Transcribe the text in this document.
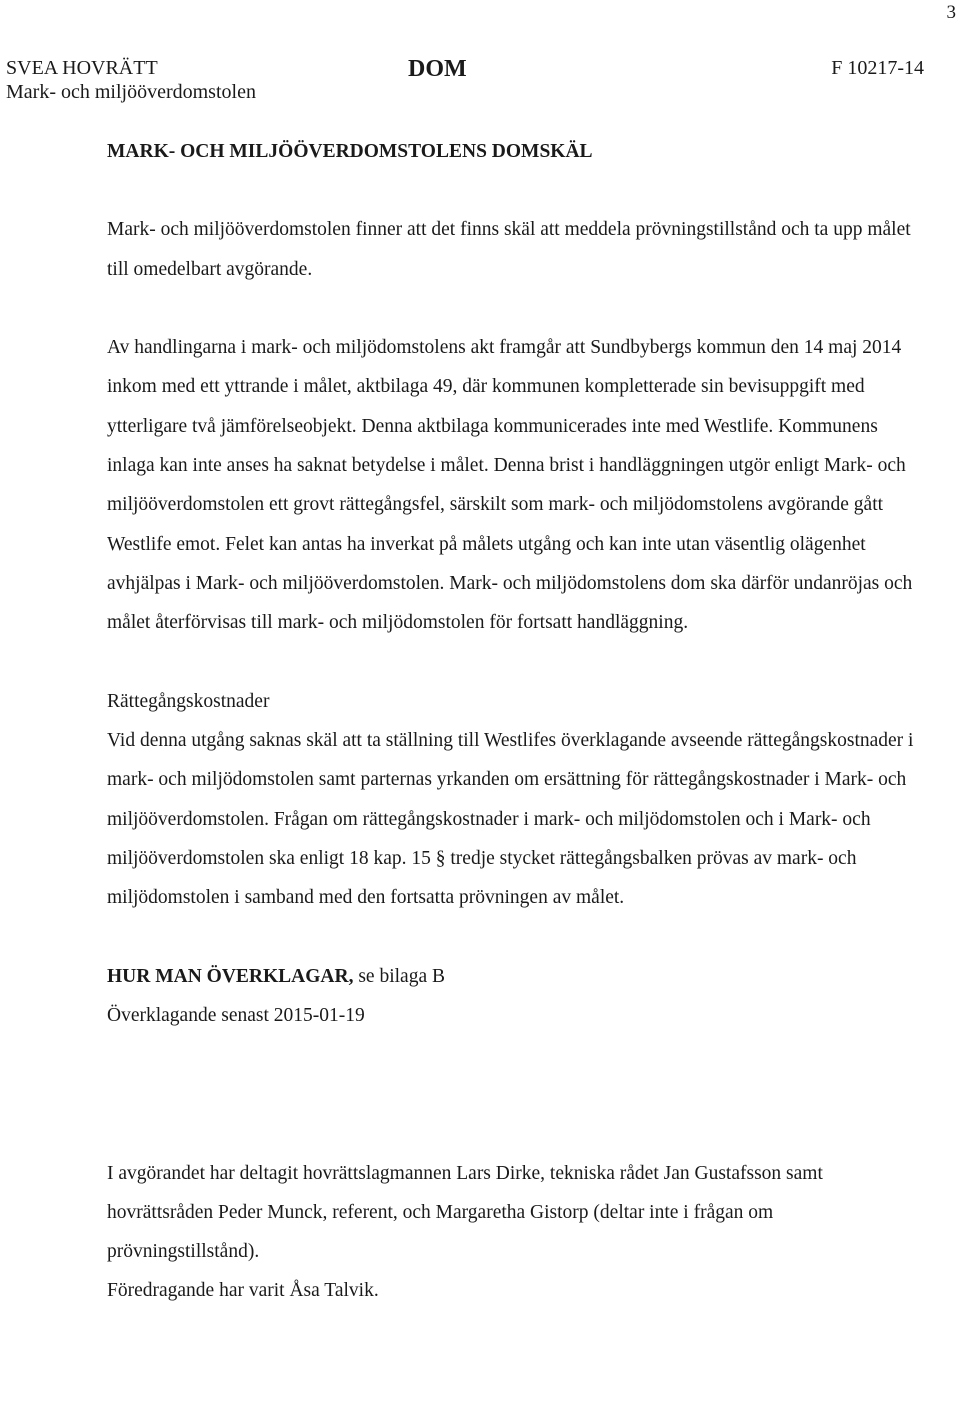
3
SVEA HOVRÄTT	DOM	F 10217-14
Mark- och miljööverdomstolen

MARK- OCH MILJÖÖVERDOMSTOLENS DOMSKÄL

Mark- och miljööverdomstolen finner att det finns skäl att meddela prövningstillstånd och ta upp målet till omedelbart avgörande.

Av handlingarna i mark- och miljödomstolens akt framgår att Sundbybergs kommun den 14 maj 2014 inkom med ett yttrande i målet, aktbilaga 49, där kommunen kompletterade sin bevisuppgift med ytterligare två jämförelseobjekt. Denna aktbilaga kommunicerades inte med Westlife. Kommunens inlaga kan inte anses ha saknat betydelse i målet. Denna brist i handläggningen utgör enligt Mark- och miljööverdomstolen ett grovt rättegångsfel, särskilt som mark- och miljödomstolens avgörande gått Westlife emot. Felet kan antas ha inverkat på målets utgång och kan inte utan väsentlig olägenhet avhjälpas i Mark- och miljööverdomstolen. Mark- och miljödomstolens dom ska därför undanröjas och målet återförvisas till mark- och miljödomstolen för fortsatt handläggning.

Rättegångskostnader

Vid denna utgång saknas skäl att ta ställning till Westlifes överklagande avseende rättegångskostnader i mark- och miljödomstolen samt parternas yrkanden om ersättning för rättegångskostnader i Mark- och miljööverdomstolen. Frågan om rättegångskostnader i mark- och miljödomstolen och i Mark- och miljööverdomstolen ska enligt 18 kap. 15 § tredje stycket rättegångsbalken prövas av mark- och miljödomstolen i samband med den fortsatta prövningen av målet.

HUR MAN ÖVERKLAGAR, se bilaga B

Överklagande senast 2015-01-19

I avgörandet har deltagit hovrättslagmannen Lars Dirke, tekniska rådet Jan Gustafsson samt hovrättsråden Peder Munck, referent, och Margaretha Gistorp (deltar inte i frågan om prövningstillstånd).

Föredragande har varit Åsa Talvik.
